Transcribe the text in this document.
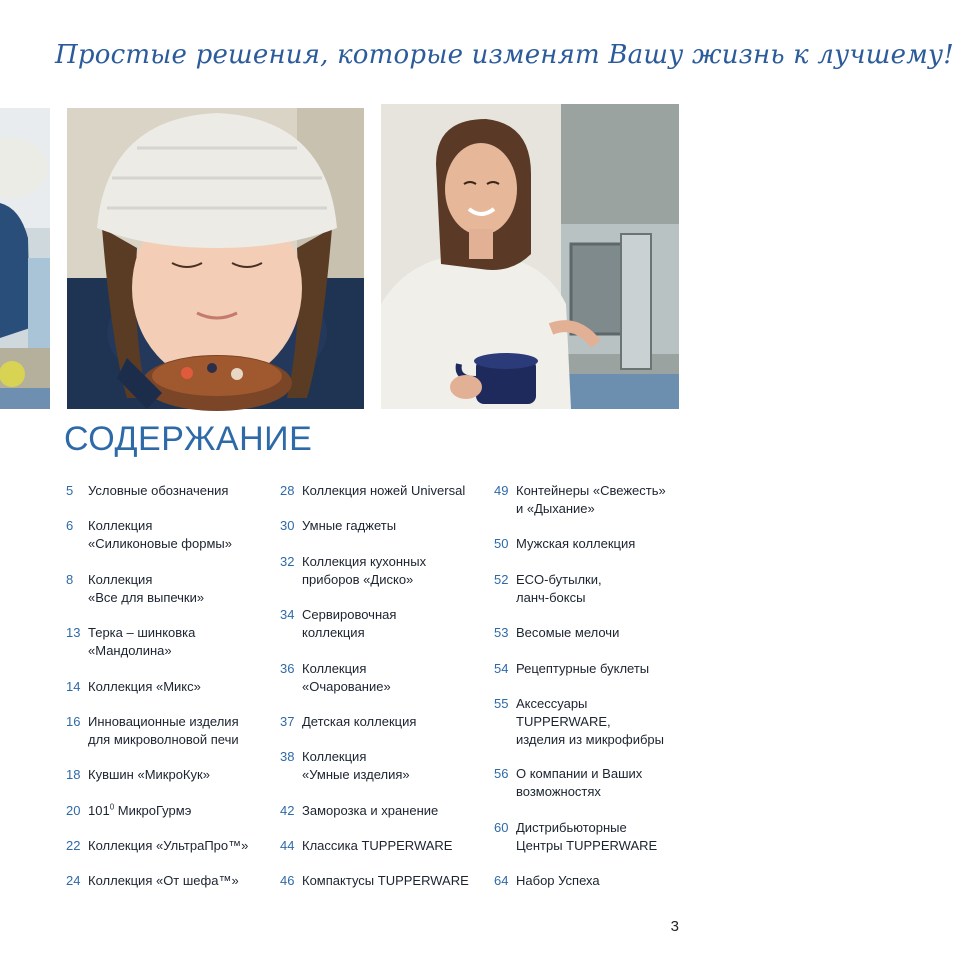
Простые решения, которые изменят Вашу жизнь к лучшему!
СОДЕРЖАНИЕ
5	Условные обозначения
6	Коллекция
«Силиконовые формы»
8	Коллекция
«Все для выпечки»
13 Терка – шинковка
«Мандолина»
14 Коллекция «Микс»
16 Инновационные изделия
для микроволновой печи
18 Кувшин «МикроКук»
20 $101^0$ МикроГурмэ
22 Коллекция «УльтраПро™»
24 Коллекция «От шефа™»
28 Коллекция ножей Universal
30 Умные гаджеты
32 Коллекция кухонных
приборов «Диско»
34 Сервировочная
коллекция
36 Коллекция
«Очарование»
37 Детская коллекция
38 Коллекция
«Умные изделия»
42 Заморозка и хранение
44 Классика TUPPERWARE
46 Компактусы TUPPERWARE
49 Контейнеры «Свежесть»
и «Дыхание»
50 Мужская коллекция
52 ECO-бутылки,
ланч-боксы
53 Весомые мелочи
54 Рецептурные буклеты
55 Аксессуары
TUPPERWARE,
изделия из микрофибры
56 О компании и Ваших
возможностях
60 Дистрибьюторные
Центры TUPPERWARE
64 Набор Успеха
3
